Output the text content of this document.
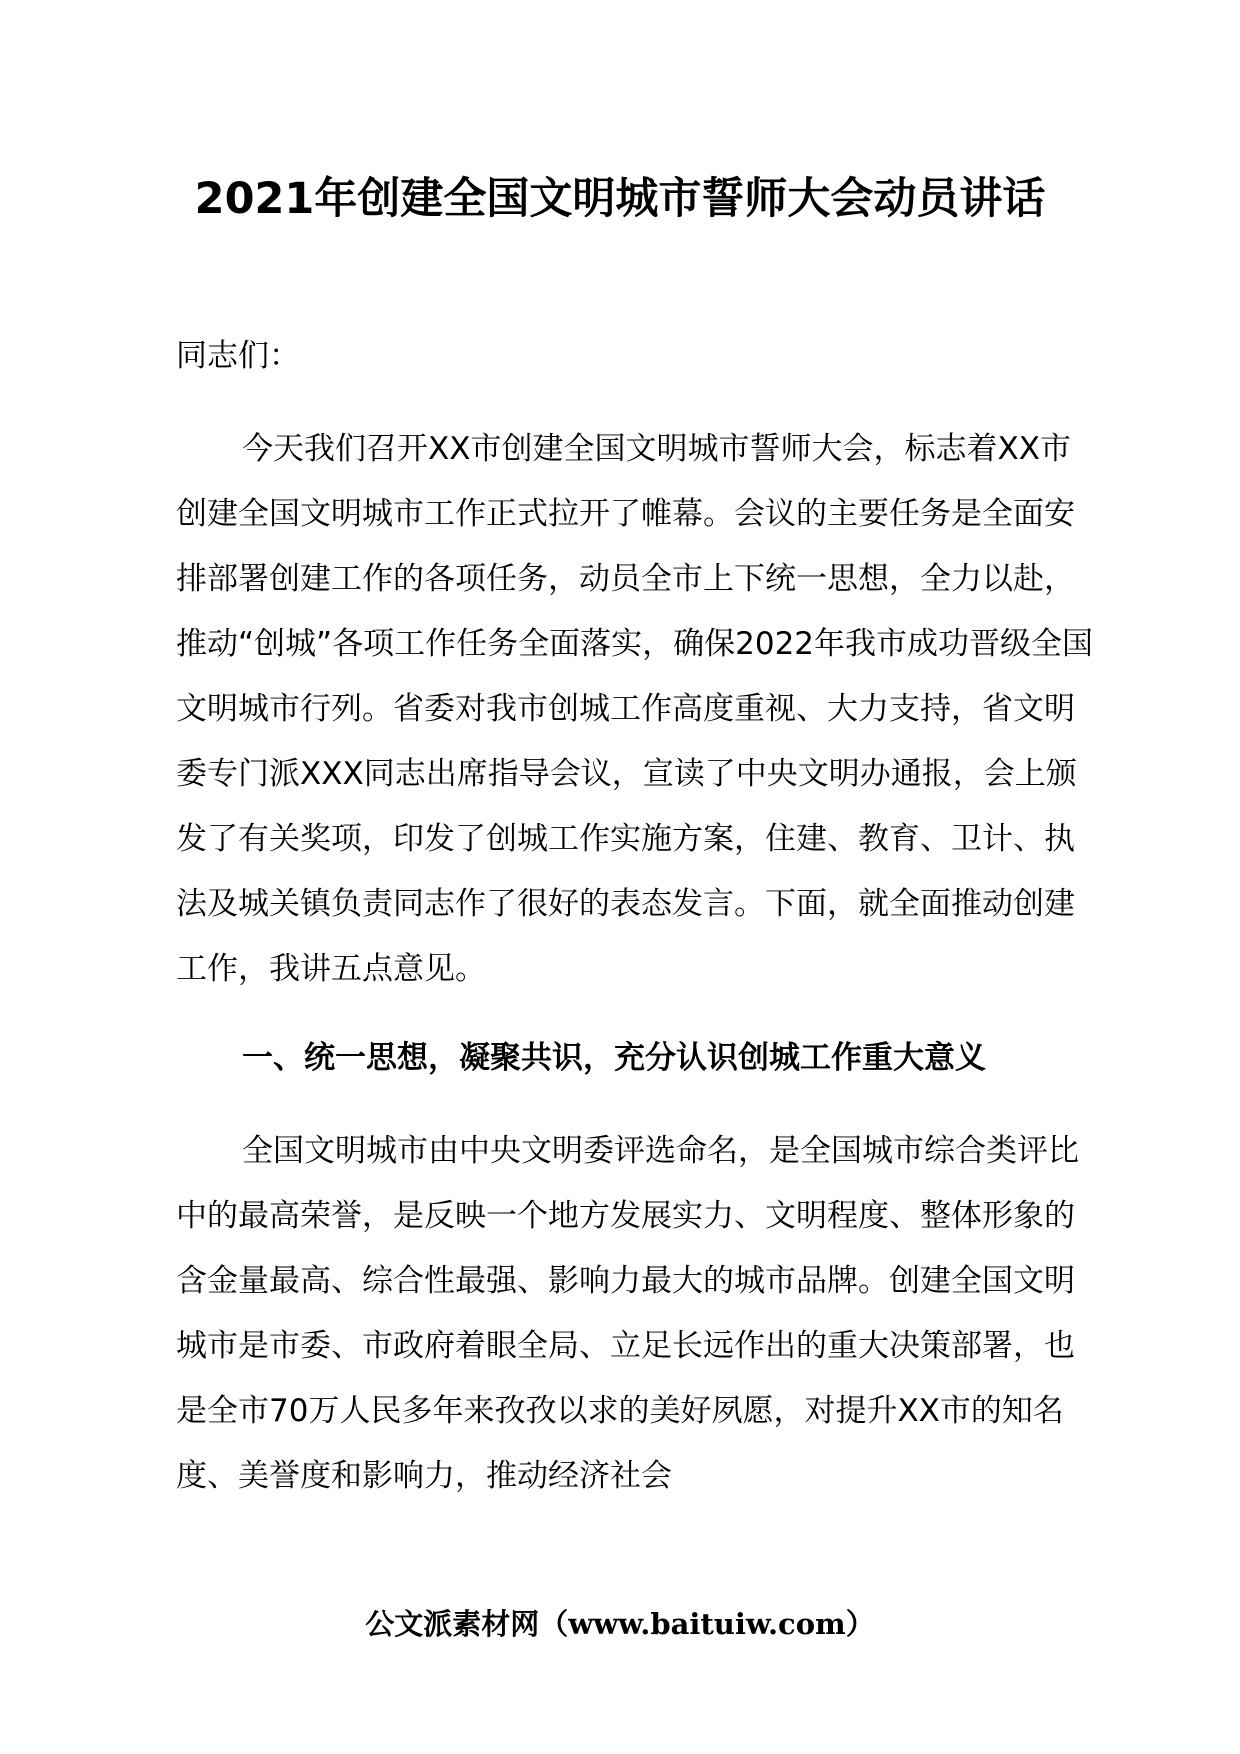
2021年创建全国文明城市誓师大会动员讲话

同志们：

今天我们召开XX市创建全国文明城市誓师大会，标志着XX市创建全国文明城市工作正式拉开了帷幕。会议的主要任务是全面安排部署创建工作的各项任务，动员全市上下统一思想，全力以赴，推动“创城”各项工作任务全面落实，确保2022年我市成功晋级全国文明城市行列。省委对我市创城工作高度重视、大力支持，省文明委专门派XXX同志出席指导会议，宣读了中央文明办通报，会上颁发了有关奖项，印发了创城工作实施方案，住建、教育、卫计、执法及城关镇负责同志作了很好的表态发言。下面，就全面推动创建工作，我讲五点意见。

一、统一思想，凝聚共识，充分认识创城工作重大意义

全国文明城市由中央文明委评选命名，是全国城市综合类评比中的最高荣誉，是反映一个地方发展实力、文明程度、整体形象的含金量最高、综合性最强、影响力最大的城市品牌。创建全国文明城市是市委、市政府着眼全局、立足长远作出的重大决策部署，也是全市70万人民多年来孜孜以求的美好夙愿，对提升XX市的知名度、美誉度和影响力，推动经济社会

公文派素材网（www.baituiw.com）
